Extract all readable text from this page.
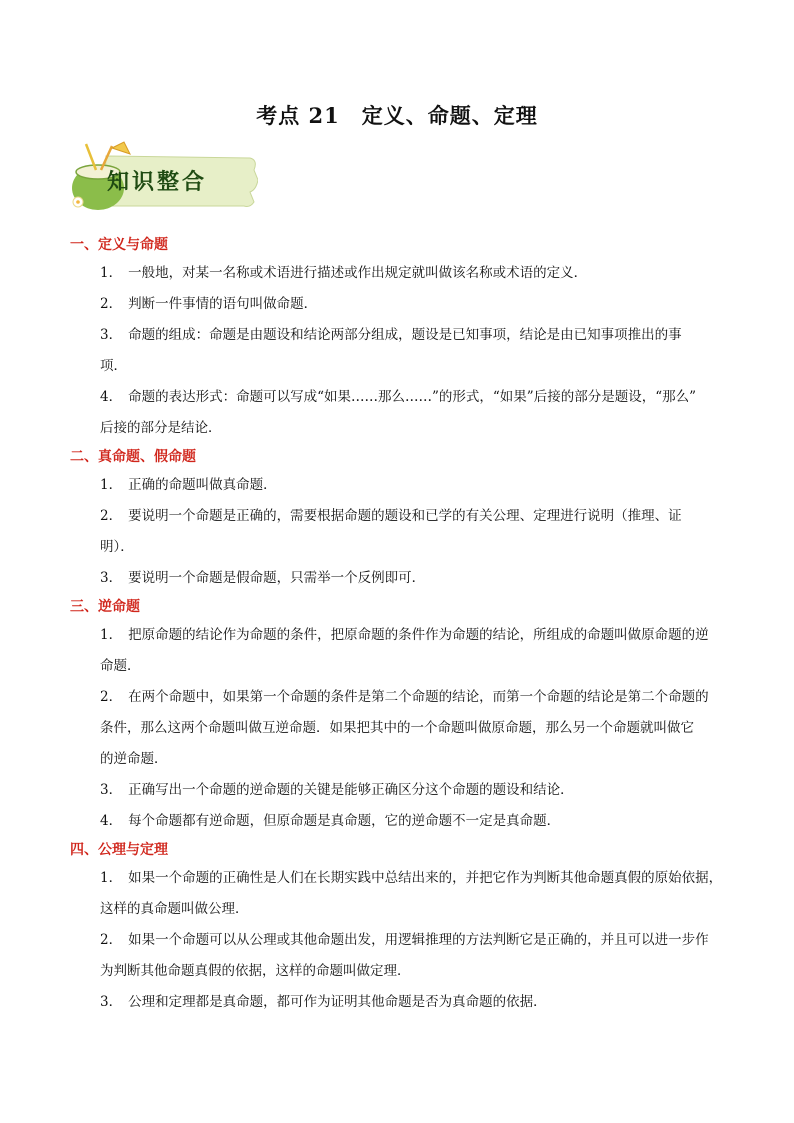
考点 21　定义、命题、定理
知识整合
一、定义与命题

1． 一般地，对某一名称或术语进行描述或作出规定就叫做该名称或术语的定义．

2． 判断一件事情的语句叫做命题．

3． 命题的组成：命题是由题设和结论两部分组成，题设是已知事项，结论是由已知事项推出的事
项．

4． 命题的表达形式：命题可以写成“如果……那么……”的形式，“如果”后接的部分是题设，“那么”
后接的部分是结论．

二、真命题、假命题

1． 正确的命题叫做真命题．

2． 要说明一个命题是正确的，需要根据命题的题设和已学的有关公理、定理进行说明（推理、证
明）．

3． 要说明一个命题是假命题，只需举一个反例即可．

三、逆命题

1． 把原命题的结论作为命题的条件，把原命题的条件作为命题的结论，所组成的命题叫做原命题的逆
命题．

2． 在两个命题中，如果第一个命题的条件是第二个命题的结论，而第一个命题的结论是第二个命题的
条件，那么这两个命题叫做互逆命题．如果把其中的一个命题叫做原命题，那么另一个命题就叫做它
的逆命题．

3． 正确写出一个命题的逆命题的关键是能够正确区分这个命题的题设和结论．

4． 每个命题都有逆命题，但原命题是真命题，它的逆命题不一定是真命题．

四、公理与定理

1． 如果一个命题的正确性是人们在长期实践中总结出来的，并把它作为判断其他命题真假的原始依据，
这样的真命题叫做公理．

2． 如果一个命题可以从公理或其他命题出发，用逻辑推理的方法判断它是正确的，并且可以进一步作
为判断其他命题真假的依据，这样的命题叫做定理．

3． 公理和定理都是真命题，都可作为证明其他命题是否为真命题的依据．
